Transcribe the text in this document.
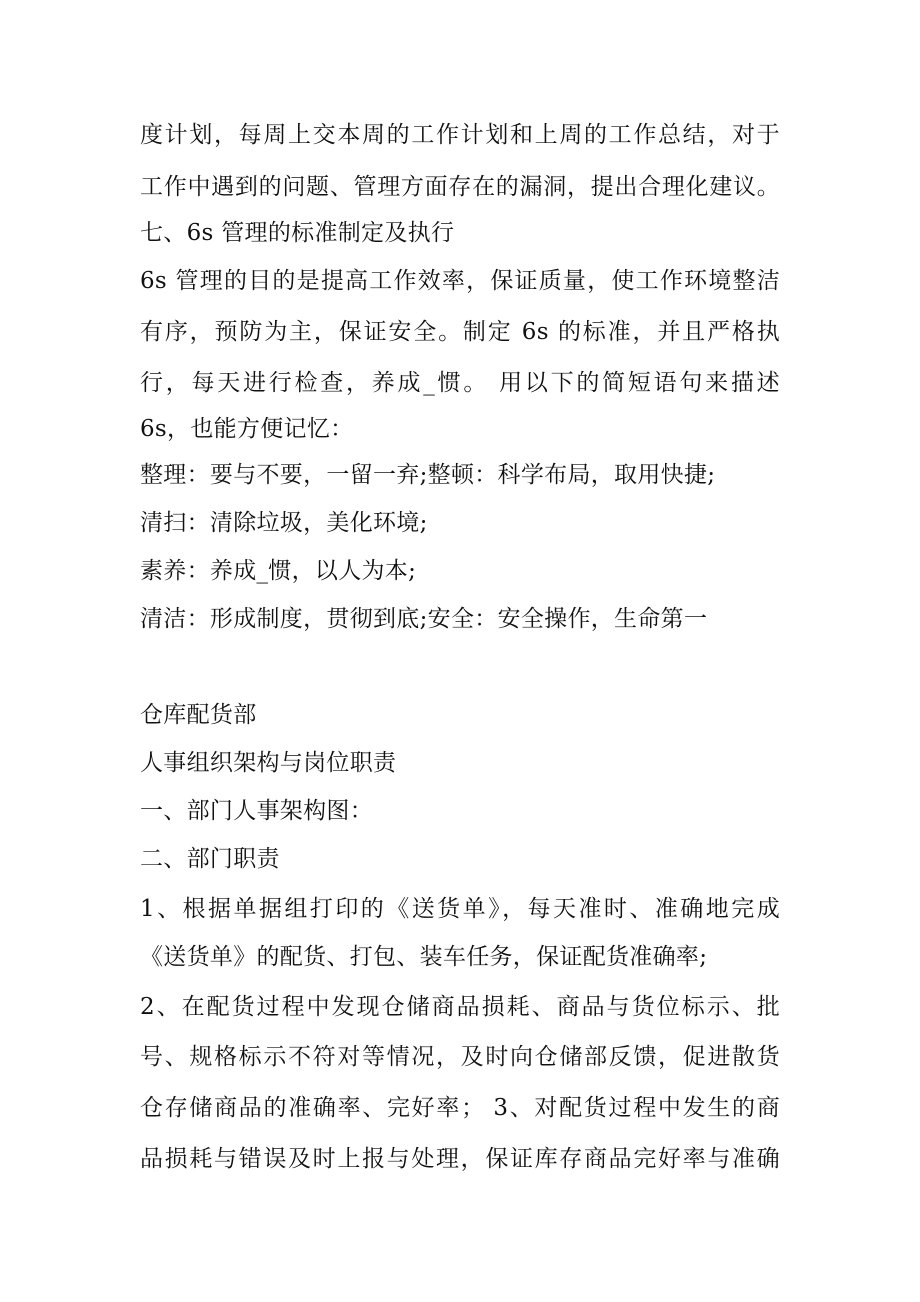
度计划，每周上交本周的工作计划和上周的工作总结，对于
工作中遇到的问题、管理方面存在的漏洞，提出合理化建议。
七、6s 管理的标准制定及执行
6s 管理的目的是提高工作效率，保证质量，使工作环境整洁
有序，预防为主，保证安全。制定 6s 的标准，并且严格执
行，每天进行检查，养成_惯。 用以下的简短语句来描述
6s，也能方便记忆：
整理：要与不要，一留一弃;整顿：科学布局，取用快捷;
清扫：清除垃圾，美化环境;
素养：养成_惯，以人为本;
清洁：形成制度，贯彻到底;安全：安全操作，生命第一
仓库配货部
人事组织架构与岗位职责
一、部门人事架构图：
二、部门职责
1、根据单据组打印的《送货单》，每天准时、准确地完成
《送货单》的配货、打包、装车任务，保证配货准确率;
2、在配货过程中发现仓储商品损耗、商品与货位标示、批
号、规格标示不符对等情况，及时向仓储部反馈，促进散货
仓存储商品的准确率、完好率； 3、对配货过程中发生的商
品损耗与错误及时上报与处理，保证库存商品完好率与准确
